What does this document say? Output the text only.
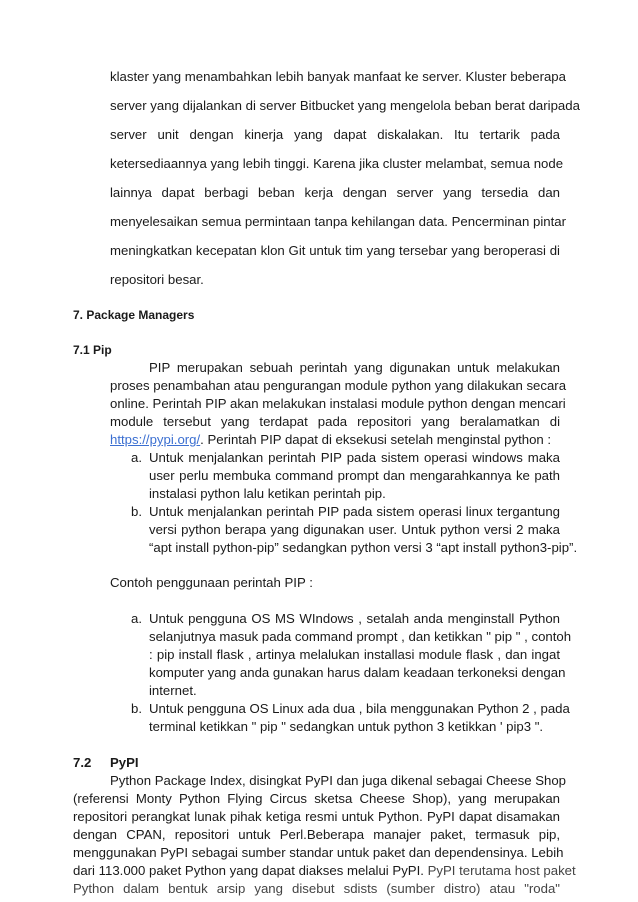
klaster yang menambahkan lebih banyak manfaat ke server. Kluster beberapa
server yang dijalankan di server Bitbucket yang mengelola beban berat daripada
server unit dengan kinerja yang dapat diskalakan. Itu tertarik pada
ketersediaannya yang lebih tinggi. Karena jika cluster melambat, semua node
lainnya dapat berbagi beban kerja dengan server yang tersedia dan
menyelesaikan semua permintaan tanpa kehilangan data. Pencerminan pintar
meningkatkan kecepatan klon Git untuk tim yang tersebar yang beroperasi di
repositori besar.
7. Package Managers
7.1 Pip
PIP merupakan sebuah perintah yang digunakan untuk melakukan
proses penambahan atau pengurangan module python yang dilakukan secara
online. Perintah PIP akan melakukan instalasi module python dengan mencari
module tersebut yang terdapat pada repositori yang beralamatkan di
https://pypi.org/. Perintah PIP dapat di eksekusi setelah menginstal python :
a. Untuk menjalankan perintah PIP pada sistem operasi windows maka
user perlu membuka command prompt dan mengarahkannya ke path
instalasi python lalu ketikan perintah pip.
b. Untuk menjalankan perintah PIP pada sistem operasi linux tergantung
versi python berapa yang digunakan user. Untuk python versi 2 maka
“apt install python-pip” sedangkan python versi 3 “apt install python3-pip”.
Contoh penggunaan perintah PIP :
a. Untuk pengguna OS MS WIndows , setalah anda menginstall Python
selanjutnya masuk pada command prompt , dan ketikkan " pip " , contoh
: pip install flask , artinya melalukan installasi module flask , dan ingat
komputer yang anda gunakan harus dalam keadaan terkoneksi dengan
internet.
b. Untuk pengguna OS Linux ada dua , bila menggunakan Python 2 , pada
terminal ketikkan " pip " sedangkan untuk python 3 ketikkan ' pip3 ".
7.2 PyPI
Python Package Index, disingkat PyPI dan juga dikenal sebagai Cheese Shop
(referensi Monty Python Flying Circus sketsa Cheese Shop), yang merupakan
repositori perangkat lunak pihak ketiga resmi untuk Python. PyPI dapat disamakan
dengan CPAN, repositori untuk Perl.Beberapa manajer paket, termasuk pip,
menggunakan PyPI sebagai sumber standar untuk paket dan dependensinya. Lebih
dari 113.000 paket Python yang dapat diakses melalui PyPI. PyPI terutama host paket
Python dalam bentuk arsip yang disebut sdists (sumber distro) atau "roda"
